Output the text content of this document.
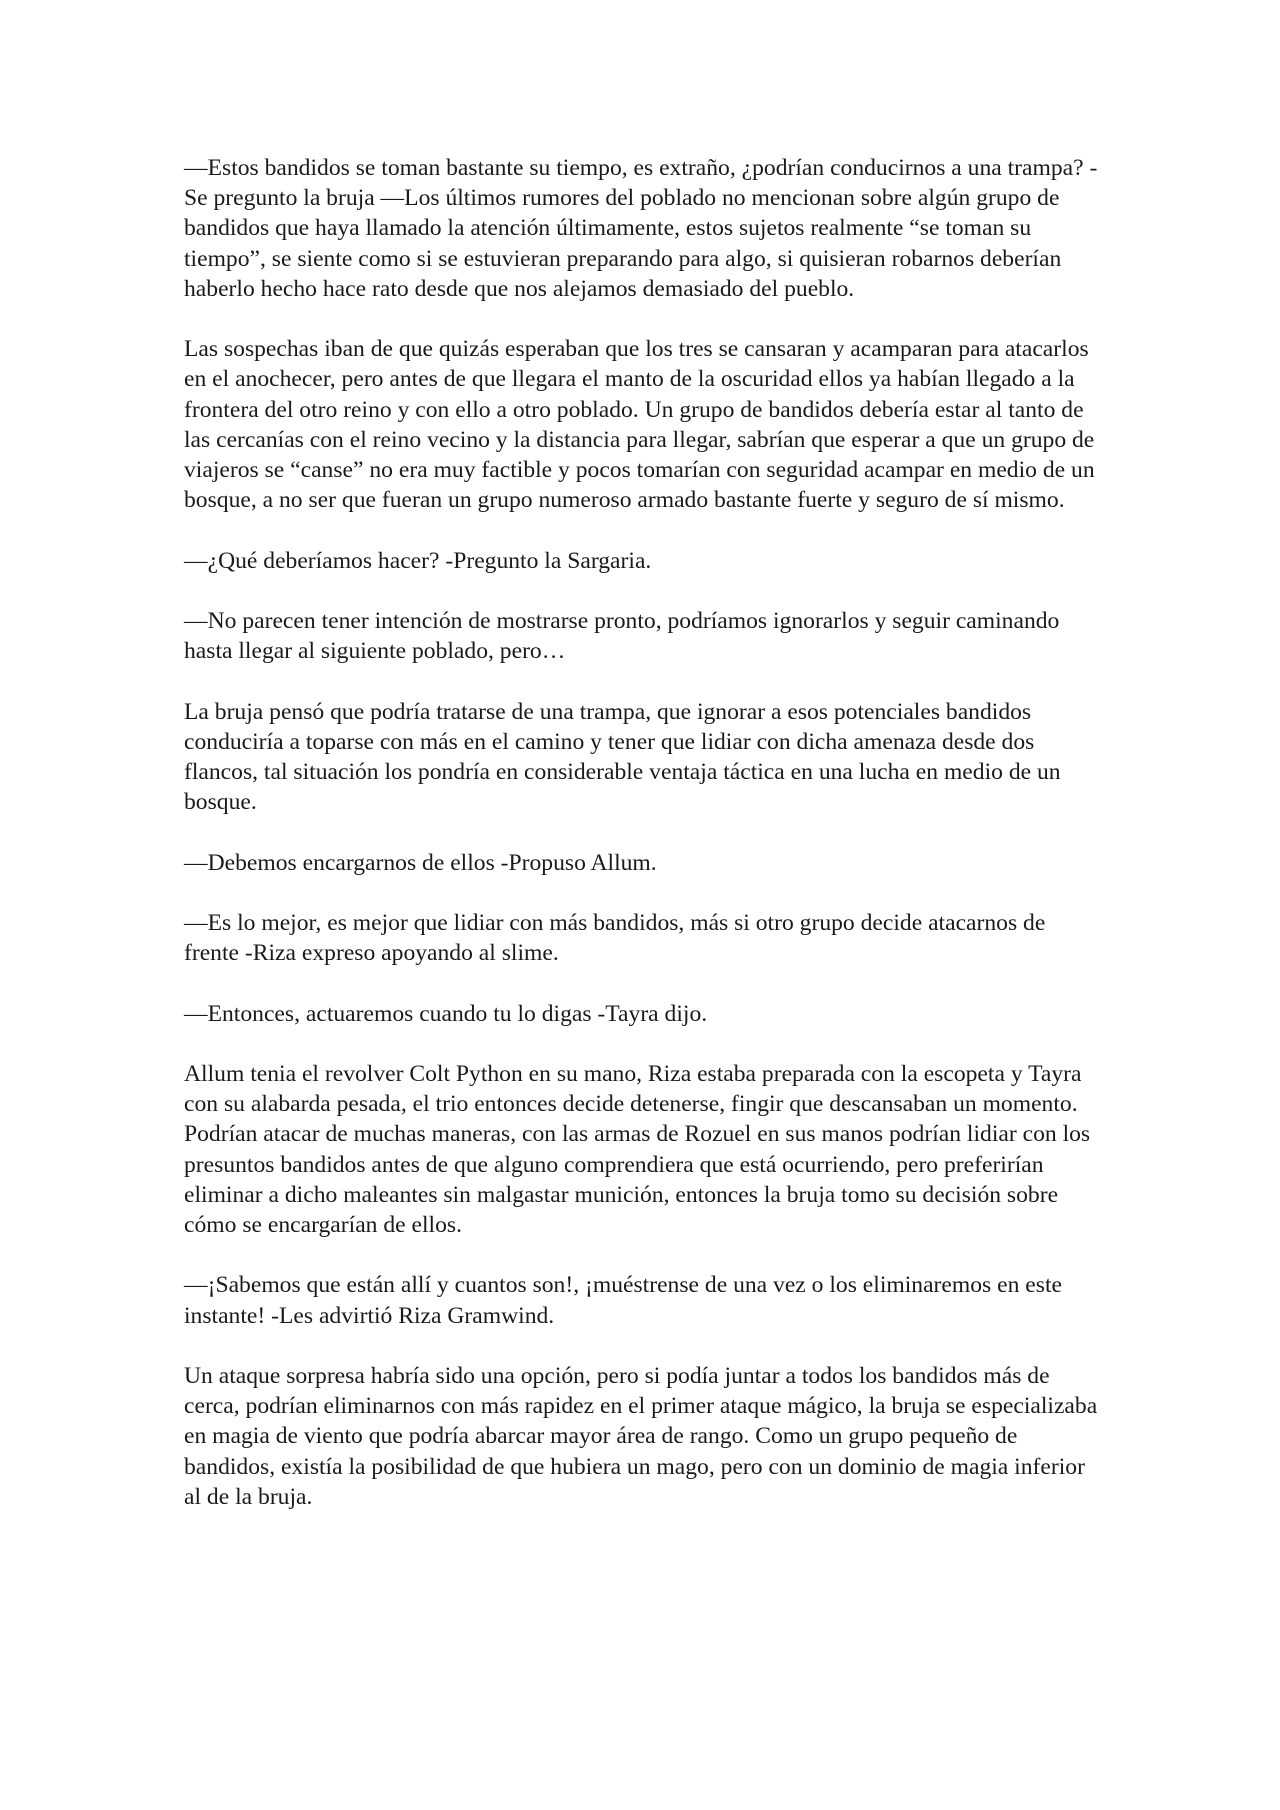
—Estos bandidos se toman bastante su tiempo, es extraño, ¿podrían conducirnos a una trampa? -Se pregunto la bruja —Los últimos rumores del poblado no mencionan sobre algún grupo de bandidos que haya llamado la atención últimamente, estos sujetos realmente “se toman su tiempo”, se siente como si se estuvieran preparando para algo, si quisieran robarnos deberían haberlo hecho hace rato desde que nos alejamos demasiado del pueblo.

Las sospechas iban de que quizás esperaban que los tres se cansaran y acamparan para atacarlos en el anochecer, pero antes de que llegara el manto de la oscuridad ellos ya habían llegado a la frontera del otro reino y con ello a otro poblado. Un grupo de bandidos debería estar al tanto de las cercanías con el reino vecino y la distancia para llegar, sabrían que esperar a que un grupo de viajeros se “canse” no era muy factible y pocos tomarían con seguridad acampar en medio de un bosque, a no ser que fueran un grupo numeroso armado bastante fuerte y seguro de sí mismo.

—¿Qué deberíamos hacer? -Pregunto la Sargaria.

—No parecen tener intención de mostrarse pronto, podríamos ignorarlos y seguir caminando hasta llegar al siguiente poblado, pero…

La bruja pensó que podría tratarse de una trampa, que ignorar a esos potenciales bandidos conduciría a toparse con más en el camino y tener que lidiar con dicha amenaza desde dos flancos, tal situación los pondría en considerable ventaja táctica en una lucha en medio de un bosque.

—Debemos encargarnos de ellos -Propuso Allum.

—Es lo mejor, es mejor que lidiar con más bandidos, más si otro grupo decide atacarnos de frente -Riza expreso apoyando al slime.

—Entonces, actuaremos cuando tu lo digas -Tayra dijo.

Allum tenia el revolver Colt Python en su mano, Riza estaba preparada con la escopeta y Tayra con su alabarda pesada, el trio entonces decide detenerse, fingir que descansaban un momento. Podrían atacar de muchas maneras, con las armas de Rozuel en sus manos podrían lidiar con los presuntos bandidos antes de que alguno comprendiera que está ocurriendo, pero preferirían eliminar a dicho maleantes sin malgastar munición, entonces la bruja tomo su decisión sobre cómo se encargarían de ellos.

—¡Sabemos que están allí y cuantos son!, ¡muéstrense de una vez o los eliminaremos en este instante! -Les advirtió Riza Gramwind.

Un ataque sorpresa habría sido una opción, pero si podía juntar a todos los bandidos más de cerca, podrían eliminarnos con más rapidez en el primer ataque mágico, la bruja se especializaba en magia de viento que podría abarcar mayor área de rango. Como un grupo pequeño de bandidos, existía la posibilidad de que hubiera un mago, pero con un dominio de magia inferior al de la bruja.
